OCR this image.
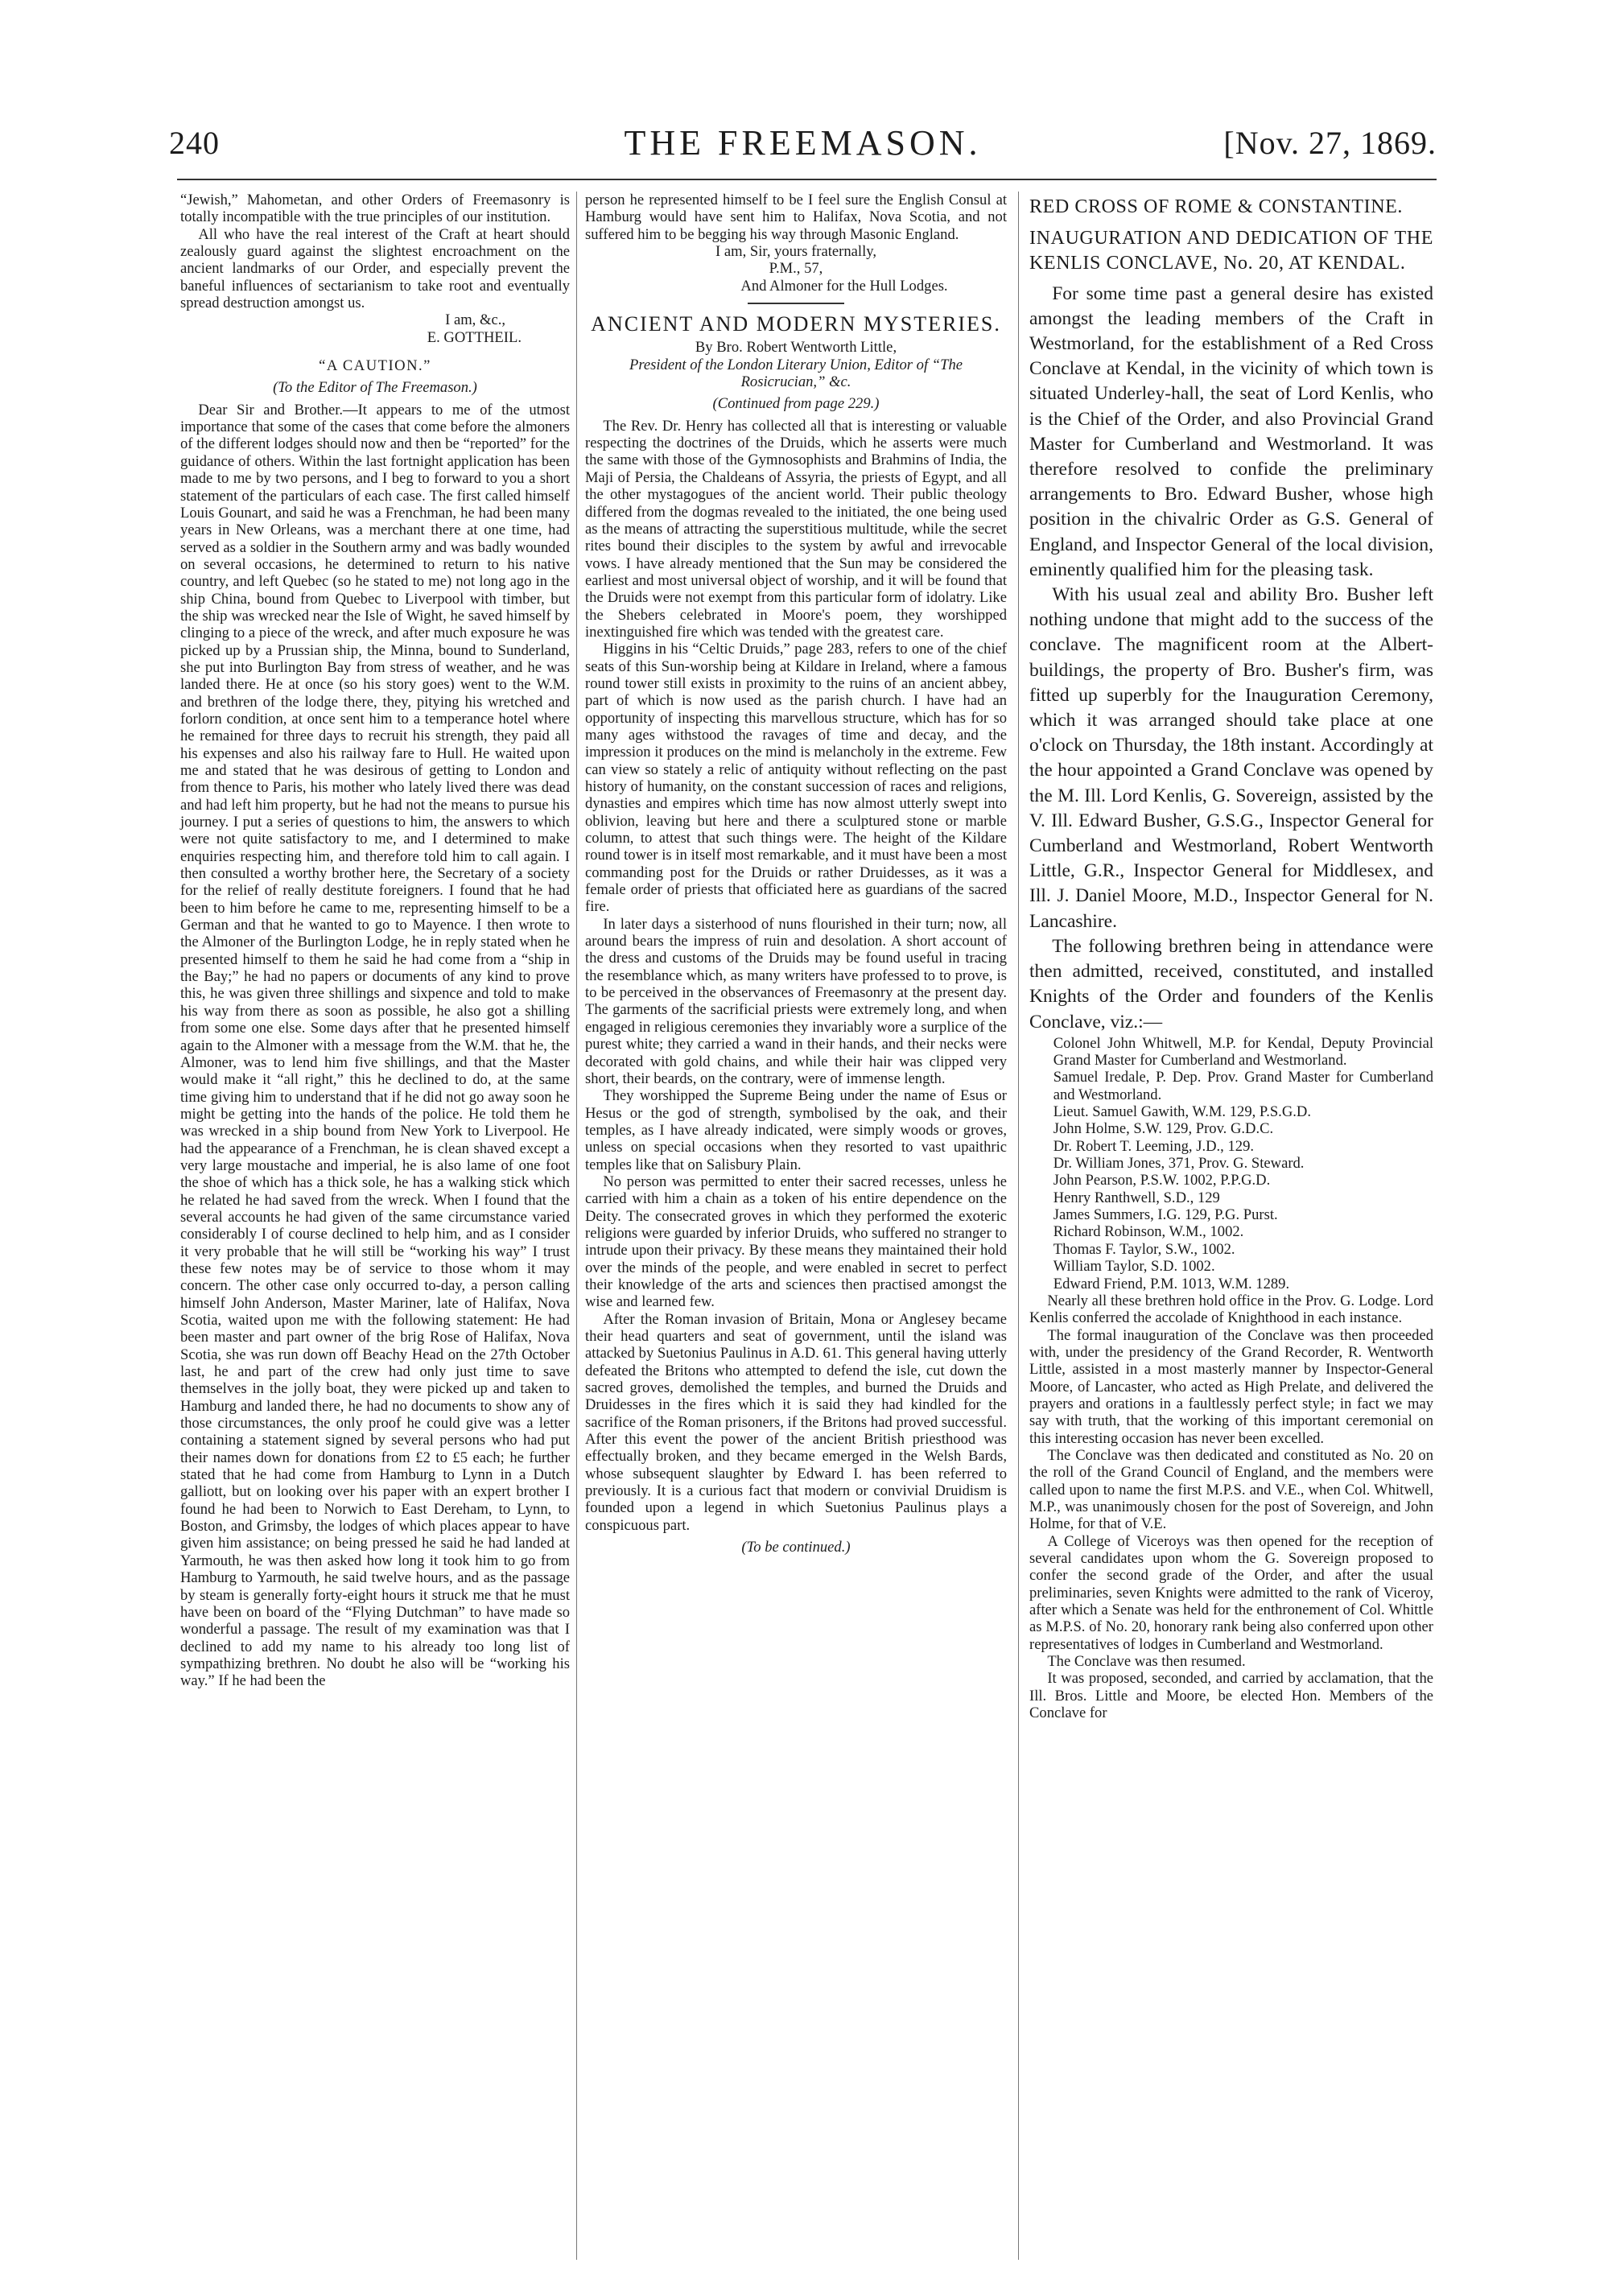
240	THE FREEMASON.	[Nov. 27, 1869.

“Jewish,” Mahometan, and other Orders of Freemasonry is totally incompatible with the true principles of our institution.

All who have the real interest of the Craft at heart should zealously guard against the slightest encroachment on the ancient landmarks of our Order, and especially prevent the baneful influences of sectarianism to take root and eventually spread destruction amongst us.

I am, &c.,

E. GOTTHEIL.

“A CAUTION.”

(To the Editor of The Freemason.)

Dear Sir and Brother.—It appears to me of the utmost importance that some of the cases that come before the almoners of the different lodges should now and then be “reported” for the guidance of others. Within the last fortnight application has been made to me by two persons, and I beg to forward to you a short statement of the particulars of each case. The first called himself Louis Gounart, and said he was a Frenchman, he had been many years in New Orleans, was a merchant there at one time, had served as a soldier in the Southern army and was badly wounded on several occasions, he determined to return to his native country, and left Quebec (so he stated to me) not long ago in the ship China, bound from Quebec to Liverpool with timber, but the ship was wrecked near the Isle of Wight, he saved himself by clinging to a piece of the wreck, and after much exposure he was picked up by a Prussian ship, the Minna, bound to Sunderland, she put into Burlington Bay from stress of weather, and he was landed there. He at once (so his story goes) went to the W.M. and brethren of the lodge there, they, pitying his wretched and forlorn condition, at once sent him to a temperance hotel where he remained for three days to recruit his strength, they paid all his expenses and also his railway fare to Hull. He waited upon me and stated that he was desirous of getting to London and from thence to Paris, his mother who lately lived there was dead and had left him property, but he had not the means to pursue his journey. I put a series of questions to him, the answers to which were not quite satisfactory to me, and I determined to make enquiries respecting him, and therefore told him to call again. I then consulted a worthy brother here, the Secretary of a society for the relief of really destitute foreigners. I found that he had been to him before he came to me, representing himself to be a German and that he wanted to go to Mayence. I then wrote to the Almoner of the Burlington Lodge, he in reply stated when he presented himself to them he said he had come from a “ship in the Bay;” he had no papers or documents of any kind to prove this, he was given three shillings and sixpence and told to make his way from there as soon as possible, he also got a shilling from some one else. Some days after that he presented himself again to the Almoner with a message from the W.M. that he, the Almoner, was to lend him five shillings, and that the Master would make it “all right,” this he declined to do, at the same time giving him to understand that if he did not go away soon he might be getting into the hands of the police. He told them he was wrecked in a ship bound from New York to Liverpool. He had the appearance of a Frenchman, he is clean shaved except a very large moustache and imperial, he is also lame of one foot the shoe of which has a thick sole, he has a walking stick which he related he had saved from the wreck. When I found that the several accounts he had given of the same circumstance varied considerably I of course declined to help him, and as I consider it very probable that he will still be “working his way” I trust these few notes may be of service to those whom it may concern. The other case only occurred to-day, a person calling himself John Anderson, Master Mariner, late of Halifax, Nova Scotia, waited upon me with the following statement: He had been master and part owner of the brig Rose of Halifax, Nova Scotia, she was run down off Beachy Head on the 27th October last, he and part of the crew had only just time to save themselves in the jolly boat, they were picked up and taken to Hamburg and landed there, he had no documents to show any of those circumstances, the only proof he could give was a letter containing a statement signed by several persons who had put their names down for donations from £2 to £5 each; he further stated that he had come from Hamburg to Lynn in a Dutch galliott, but on looking over his paper with an expert brother I found he had been to Norwich to East Dereham, to Lynn, to Boston, and Grimsby, the lodges of which places appear to have given him assistance; on being pressed he said he had landed at Yarmouth, he was then asked how long it took him to go from Hamburg to Yarmouth, he said twelve hours, and as the passage by steam is generally forty-eight hours it struck me that he must have been on board of the “Flying Dutchman” to have made so wonderful a passage. The result of my examination was that I declined to add my name to his already too long list of sympathizing brethren. No doubt he also will be “working his way.” If he had been the

person he represented himself to be I feel sure the English Consul at Hamburg would have sent him to Halifax, Nova Scotia, and not suffered him to be begging his way through Masonic England.

I am, Sir, yours fraternally,

P.M., 57,

And Almoner for the Hull Lodges.

ANCIENT AND MODERN MYSTERIES.

By Bro. Robert Wentworth Little,

President of the London Literary Union, Editor of “The Rosicrucian,” &c.

(Continued from page 229.)

The Rev. Dr. Henry has collected all that is interesting or valuable respecting the doctrines of the Druids, which he asserts were much the same with those of the Gymnosophists and Brahmins of India, the Maji of Persia, the Chaldeans of Assyria, the priests of Egypt, and all the other mystagogues of the ancient world. Their public theology differed from the dogmas revealed to the initiated, the one being used as the means of attracting the superstitious multitude, while the secret rites bound their disciples to the system by awful and irrevocable vows. I have already mentioned that the Sun may be considered the earliest and most universal object of worship, and it will be found that the Druids were not exempt from this particular form of idolatry. Like the Shebers celebrated in Moore's poem, they worshipped inextinguished fire which was tended with the greatest care.

Higgins in his “Celtic Druids,” page 283, refers to one of the chief seats of this Sun-worship being at Kildare in Ireland, where a famous round tower still exists in proximity to the ruins of an ancient abbey, part of which is now used as the parish church. I have had an opportunity of inspecting this marvellous structure, which has for so many ages withstood the ravages of time and decay, and the impression it produces on the mind is melancholy in the extreme. Few can view so stately a relic of antiquity without reflecting on the past history of humanity, on the constant succession of races and religions, dynasties and empires which time has now almost utterly swept into oblivion, leaving but here and there a sculptured stone or marble column, to attest that such things were. The height of the Kildare round tower is in itself most remarkable, and it must have been a most commanding post for the Druids or rather Druidesses, as it was a female order of priests that officiated here as guardians of the sacred fire.

In later days a sisterhood of nuns flourished in their turn; now, all around bears the impress of ruin and desolation. A short account of the dress and customs of the Druids may be found useful in tracing the resemblance which, as many writers have professed to to prove, is to be perceived in the observances of Freemasonry at the present day. The garments of the sacrificial priests were extremely long, and when engaged in religious ceremonies they invariably wore a surplice of the purest white; they carried a wand in their hands, and their necks were decorated with gold chains, and while their hair was clipped very short, their beards, on the contrary, were of immense length.

They worshipped the Supreme Being under the name of Esus or Hesus or the god of strength, symbolised by the oak, and their temples, as I have already indicated, were simply woods or groves, unless on special occasions when they resorted to vast upaithric temples like that on Salisbury Plain.

No person was permitted to enter their sacred recesses, unless he carried with him a chain as a token of his entire dependence on the Deity. The consecrated groves in which they performed the exoteric religions were guarded by inferior Druids, who suffered no stranger to intrude upon their privacy. By these means they maintained their hold over the minds of the people, and were enabled in secret to perfect their knowledge of the arts and sciences then practised amongst the wise and learned few.

After the Roman invasion of Britain, Mona or Anglesey became their head quarters and seat of government, until the island was attacked by Suetonius Paulinus in A.D. 61. This general having utterly defeated the Britons who attempted to defend the isle, cut down the sacred groves, demolished the temples, and burned the Druids and Druidesses in the fires which it is said they had kindled for the sacrifice of the Roman prisoners, if the Britons had proved successful. After this event the power of the ancient British priesthood was effectually broken, and they became emerged in the Welsh Bards, whose subsequent slaughter by Edward I. has been referred to previously. It is a curious fact that modern or convivial Druidism is founded upon a legend in which Suetonius Paulinus plays a conspicuous part.

(To be continued.)

RED CROSS OF ROME & CONSTANTINE.
INAUGURATION AND DEDICATION OF THE KENLIS CONCLAVE, No. 20, AT KENDAL.

For some time past a general desire has existed amongst the leading members of the Craft in Westmorland, for the establishment of a Red Cross Conclave at Kendal, in the vicinity of which town is situated Underley-hall, the seat of Lord Kenlis, who is the Chief of the Order, and also Provincial Grand Master for Cumberland and Westmorland. It was therefore resolved to confide the preliminary arrangements to Bro. Edward Busher, whose high position in the chivalric Order as G.S. General of England, and Inspector General of the local division, eminently qualified him for the pleasing task.

With his usual zeal and ability Bro. Busher left nothing undone that might add to the success of the conclave. The magnificent room at the Albert-buildings, the property of Bro. Busher's firm, was fitted up superbly for the Inauguration Ceremony, which it was arranged should take place at one o'clock on Thursday, the 18th instant. Accordingly at the hour appointed a Grand Conclave was opened by the M. Ill. Lord Kenlis, G. Sovereign, assisted by the V. Ill. Edward Busher, G.S.G., Inspector General for Cumberland and Westmorland, Robert Wentworth Little, G.R., Inspector General for Middlesex, and Ill. J. Daniel Moore, M.D., Inspector General for N. Lancashire.

The following brethren being in attendance were then admitted, received, constituted, and installed Knights of the Order and founders of the Kenlis Conclave, viz.:—

Colonel John Whitwell, M.P. for Kendal, Deputy Provincial Grand Master for Cumberland and Westmorland.

Samuel Iredale, P. Dep. Prov. Grand Master for Cumberland and Westmorland.

Lieut. Samuel Gawith, W.M. 129, P.S.G.D.

John Holme, S.W. 129, Prov. G.D.C.

Dr. Robert T. Leeming, J.D., 129.

Dr. William Jones, 371, Prov. G. Steward.

John Pearson, P.S.W. 1002, P.P.G.D.

Henry Ranthwell, S.D., 129

James Summers, I.G. 129, P.G. Purst.

Richard Robinson, W.M., 1002.

Thomas F. Taylor, S.W., 1002.

William Taylor, S.D. 1002.

Edward Friend, P.M. 1013, W.M. 1289.

Nearly all these brethren hold office in the Prov. G. Lodge. Lord Kenlis conferred the accolade of Knighthood in each instance.

The formal inauguration of the Conclave was then proceeded with, under the presidency of the Grand Recorder, R. Wentworth Little, assisted in a most masterly manner by Inspector-General Moore, of Lancaster, who acted as High Prelate, and delivered the prayers and orations in a faultlessly perfect style; in fact we may say with truth, that the working of this important ceremonial on this interesting occasion has never been excelled.

The Conclave was then dedicated and constituted as No. 20 on the roll of the Grand Council of England, and the members were called upon to name the first M.P.S. and V.E., when Col. Whitwell, M.P., was unanimously chosen for the post of Sovereign, and John Holme, for that of V.E.

A College of Viceroys was then opened for the reception of several candidates upon whom the G. Sovereign proposed to confer the second grade of the Order, and after the usual preliminaries, seven Knights were admitted to the rank of Viceroy, after which a Senate was held for the enthronement of Col. Whittle as M.P.S. of No. 20, honorary rank being also conferred upon other representatives of lodges in Cumberland and Westmorland.

The Conclave was then resumed.

It was proposed, seconded, and carried by acclamation, that the Ill. Bros. Little and Moore, be elected Hon. Members of the Conclave for
